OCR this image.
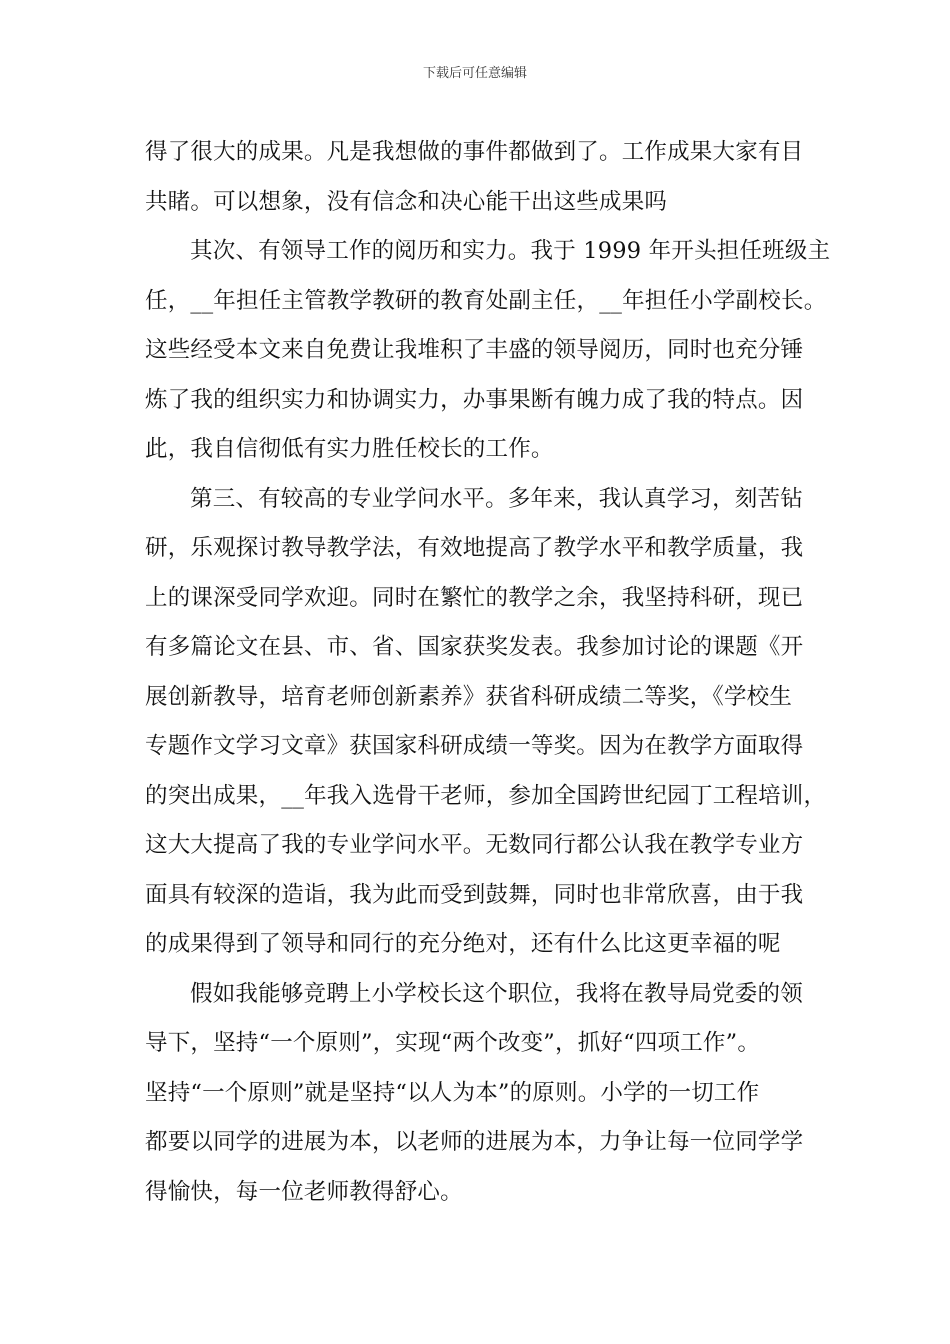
下载后可任意编辑
得了很大的成果。凡是我想做的事件都做到了。工作成果大家有目
共睹。可以想象，没有信念和决心能干出这些成果吗
其次、有领导工作的阅历和实力。我于 1999 年开头担任班级主
任，__年担任主管教学教研的教育处副主任，__年担任小学副校长。
这些经受本文来自免费让我堆积了丰盛的领导阅历，同时也充分锤
炼了我的组织实力和协调实力，办事果断有魄力成了我的特点。因
此，我自信彻低有实力胜任校长的工作。
第三、有较高的专业学问水平。多年来，我认真学习，刻苦钻
研，乐观探讨教导教学法，有效地提高了教学水平和教学质量，我
上的课深受同学欢迎。同时在繁忙的教学之余，我坚持科研，现已
有多篇论文在县、市、省、国家获奖发表。我参加讨论的课题《开
展创新教导，培育老师创新素养》获省科研成绩二等奖，《学校生
专题作文学习文章》获国家科研成绩一等奖。因为在教学方面取得
的突出成果，__年我入选骨干老师，参加全国跨世纪园丁工程培训，
这大大提高了我的专业学问水平。无数同行都公认我在教学专业方
面具有较深的造诣，我为此而受到鼓舞，同时也非常欣喜，由于我
的成果得到了领导和同行的充分绝对，还有什么比这更幸福的呢
假如我能够竞聘上小学校长这个职位，我将在教导局党委的领
导下，坚持“一个原则”，实现“两个改变”，抓好“四项工作”。
坚持“一个原则”就是坚持“以人为本”的原则。小学的一切工作
都要以同学的进展为本，以老师的进展为本，力争让每一位同学学
得愉快，每一位老师教得舒心。
